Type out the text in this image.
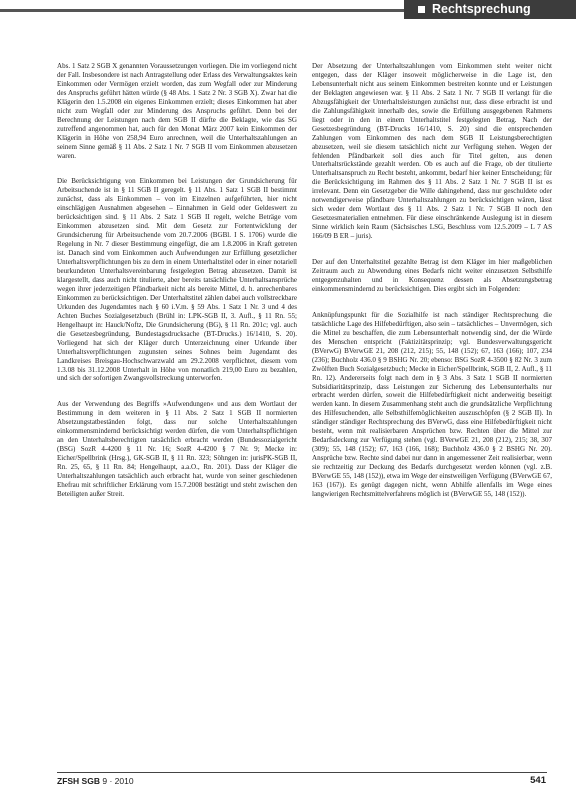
Rechtsprechung

Abs. 1 Satz 2 SGB X genannten Voraussetzungen vorliegen. Die im vorliegend nicht der Fall. Insbesondere ist nach Antragstellung oder Erlass des Verwaltungsaktes kein Einkommen oder Vermögen erzielt worden, das zum Wegfall oder zur Minderung des Anspruchs geführt hätten würde (§ 48 Abs. 1 Satz 2 Nr. 3 SGB X). Zwar hat die Klägerin den 1.5.2008 ein eigenes Einkommen erzielt; dieses Einkommen hat aber nicht zum Wegfall oder zur Minderung des Anspruchs geführt. Denn bei der Berechnung der Leistungen nach dem SGB II dürfte die Beklagte, wie das SG zutreffend angenommen hat, auch für den Monat März 2007 kein Einkommen der Klägerin in Höhe von 258,94 Euro anrechnen, weil die Unterhaltszahlungen an seinem Sinne gemäß § 11 Abs. 2 Satz 1 Nr. 7 SGB II vom Einkommen abzusetzen waren.

Die Berücksichtigung von Einkommen bei Leistungen der Grundsicherung für Arbeitsuchende ist in § 11 SGB II geregelt. § 11 Abs. 1 Satz 1 SGB II bestimmt zunächst, dass als Einkommen – von im Einzelnen aufgeführten, hier nicht einschlägigen Ausnahmen abgesehen – Einnahmen in Geld oder Geldeswert zu berücksichtigen sind. § 11 Abs. 2 Satz 1 SGB II regelt, welche Beträge vom Einkommen abzusetzen sind. Mit dem Gesetz zur Fortentwicklung der Grundsicherung für Arbeitsuchende vom 20.7.2006 (BGBl. I S. 1706) wurde die Regelung in Nr. 7 dieser Bestimmung eingefügt, die am 1.8.2006 in Kraft getreten ist. Danach sind vom Einkommen auch Aufwendungen zur Erfüllung gesetzlicher Unterhaltsverpflichtungen bis zu dem in einem Unterhaltstitel oder in einer notariell beurkundeten Unterhaltsvereinbarung festgelegten Betrag abzusetzen. Damit ist klargestellt, dass auch nicht titulierte, aber bereits tatsächliche Unterhaltsansprüche wegen ihrer jederzeitigen Pfändbarkeit nicht als bereite Mittel, d. h. anrechenbares Einkommen zu berücksichtigen. Der Unterhaltstitel zählen dabei auch vollstreckbare Urkunden des Jugendamtes nach § 60 i.V.m. § 59 Abs. 1 Satz 1 Nr. 3 und 4 des Achten Buches Sozialgesetzbuch (Brühl in: LPK-SGB II, 3. Aufl., § 11 Rn. 55; Hengelhaupt in: Hauck/Noftz, Die Grundsicherung (BG), § 11 Rn. 201c; vgl. auch die Gesetzesbegründung, Bundestagsdrucksache (BT-Drucks.) 16/1410, S. 20). Vorliegend hat sich der Kläger durch Unterzeichnung einer Urkunde über Unterhaltsverpflichtungen zugunsten seines Sohnes beim Jugendamt des Landkreises Breisgau-Hochschwarzwald am 29.2.2008 verpflichtet, diesem vom 1.3.08 bis 31.12.2008 Unterhalt in Höhe von monatlich 219,00 Euro zu bezahlen, und sich der sofortigen Zwangsvollstreckung unterworfen.

Aus der Verwendung des Begriffs »Aufwendungen« und aus dem Wortlaut der Bestimmung in dem weiteren in § 11 Abs. 2 Satz 1 SGB II normierten Absetzungstatbeständen folgt, dass nur solche Unterhaltszahlungen einkommensmindernd berücksichtigt werden dürfen, die vom Unterhaltspflichtigen an den Unterhaltsberechtigten tatsächlich erbracht werden (Bundessozialgericht (BSG) SozR 4-4200 § 11 Nr. 16; SozR 4-4200 § 7 Nr. 9; Mecke in: Eicher/Spellbrink (Hrsg.), GK-SGB II, § 11 Rn. 323; Söhngen in: jurisPK-SGB II, Rn. 25, 65, § 11 Rn. 84; Hengelhaupt, a.a.O., Rn. 201). Dass der Kläger die Unterhaltszahlungen tatsächlich auch erbracht hat, wurde von seiner geschiedenen Ehefrau mit schriftlicher Erklärung vom 15.7.2008 bestätigt und steht zwischen den Beteiligten außer Streit.

Der Absetzung der Unterhaltszahlungen vom Einkommen steht weiter nicht entgegen, dass der Kläger insoweit möglicherweise in die Lage ist, den Lebensunterhalt nicht aus seinem Einkommen bestreiten konnte und er Leistungen der Beklagten angewiesen war. § 11 Abs. 2 Satz 1 Nr. 7 SGB II verlangt für die Abzugsfähigkeit der Unterhaltsleistungen zunächst nur, dass diese erbracht ist und die Zahlungsfähigkeit innerhalb des, sowie die Erfüllung ausgegebenen Rahmens liegt oder in den in einem Unterhaltstitel festgelegten Betrag. Nach der Gesetzesbegründung (BT-Drucks 16/1410, S. 20) sind die entsprechenden Zahlungen vom Einkommen des nach dem SGB II Leistungsberechtigten abzusetzen, weil sie diesem tatsächlich nicht zur Verfügung stehen. Wegen der fehlenden Pfändbarkeit soll dies auch für Titel gelten, aus denen Unterhaltsrückstände gezahlt werden. Ob es auch auf die Frage, ob der titulierte Unterhaltsanspruch zu Recht besteht, ankommt, bedarf hier keiner Entscheidung; für die Berücksichtigung im Rahmen des § 11 Abs. 2 Satz 1 Nr. 7 SGB II ist es irrelevant. Denn ein Gesetzgeber die Wille dahingehend, dass nur geschuldete oder notwendigerweise pfändbare Unterhaltszahlungen zu berücksichtigen wären, lässt sich weder dem Wortlaut des § 11 Abs. 2 Satz 1 Nr. 7 SGB II noch den Gesetzesmaterialien entnehmen. Für diese einschränkende Auslegung ist in diesem Sinne wirklich kein Raum (Sächsisches LSG, Beschluss vom 12.5.2009 – L 7 AS 166/09 B ER – juris).

Der auf den Unterhaltstitel gezahlte Betrag ist dem Kläger im hier maßgeblichen Zeitraum auch zu Abwendung eines Bedarfs nicht weiter einzusetzen Selbsthilfe entgegenzuhalten und in Konsequenz dessen als Absetzungsbetrag einkommensmindernd zu berücksichtigen. Dies ergibt sich im Folgenden:

Anknüpfungspunkt für die Sozialhilfe ist nach ständiger Rechtsprechung die tatsächliche Lage des Hilfebedürftigen, also sein – tatsächliches – Unvermögen, sich die Mittel zu beschaffen, die zum Lebensunterhalt notwendig sind, der die Würde des Menschen entspricht (Faktizitätsprinzip; vgl. Bundesverwaltungsgericht (BVerwG) BVerwGE 21, 208 (212, 215); 55, 148 (152); 67, 163 (166); 107, 234 (236); Buchholz 436.0 § 9 BSHG Nr. 20; ebenso: BSG SozR 4-3500 § 82 Nr. 3 zum Zwölften Buch Sozialgesetzbuch; Mecke in Eicher/Spellbrink, SGB II, 2. Aufl., § 11 Rn. 12). Andererseits folgt nach dem in § 3 Abs. 3 Satz 1 SGB II normierten Subsidiaritätsprinzip, dass Leistungen zur Sicherung des Lebensunterhalts nur erbracht werden dürfen, soweit die Hilfebedürftigkeit nicht anderweitig beseitigt werden kann. In diesem Zusammenhang steht auch die grundsätzliche Verpflichtung des Hilfesuchenden, alle Selbsthilfemöglichkeiten auszuschöpfen (§ 2 SGB II). In ständiger ständiger Rechtsprechung des BVerwG, dass eine Hilfebedürftigkeit nicht besteht, wenn mit realisierbaren Ansprüchen bzw. Rechten über die Mittel zur Bedarfsdeckung zur Verfügung stehen (vgl. BVerwGE 21, 208 (212), 215; 38, 307 (309); 55, 148 (152); 67, 163 (166, 168); Buchholz 436.0 § 2 BSHG Nr. 20). Ansprüche bzw. Rechte sind dabei nur dann in angemessener Zeit realisierbar, wenn sie rechtzeitig zur Deckung des Bedarfs durchgesetzt werden können (vgl. z.B. BVerwGE 55, 148 (152)), etwa im Wege der einstweiligen Verfügung (BVerwGE 67, 163 (167)). Es genügt dagegen nicht, wenn Abhilfe allenfalls im Wege eines langwierigen Rechtsmittelverfahrens möglich ist (BVerwGE 55, 148 (152)).

ZFSH SGB 9 · 2010	541
